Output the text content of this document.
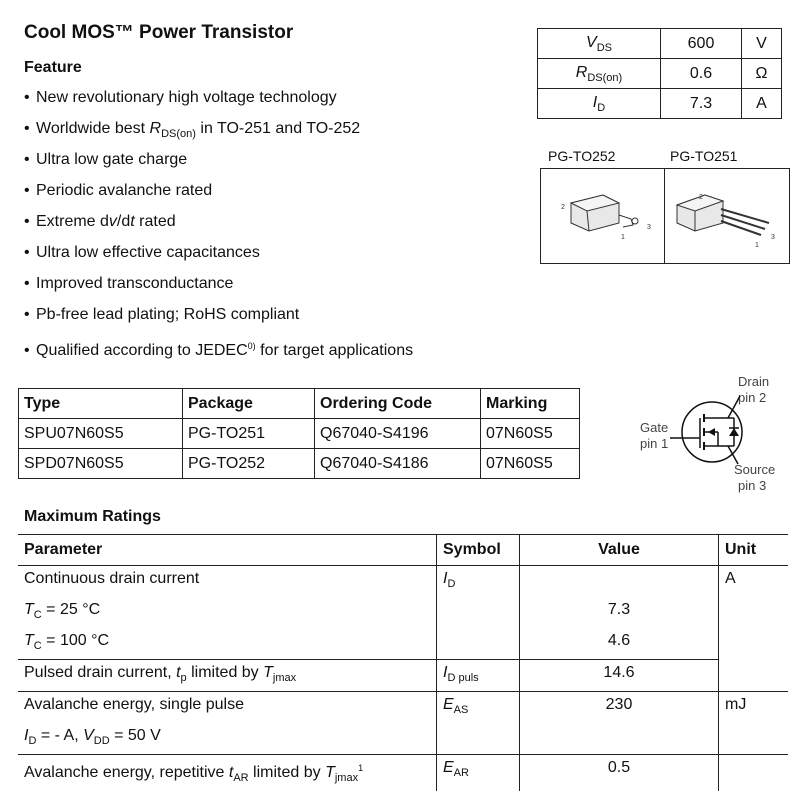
Cool MOS™ Power Transistor
Feature
• New revolutionary high voltage technology
• Worldwide best $R_{DS(on)}$ in TO-251 and TO-252
• Ultra low gate charge
• Periodic avalanche rated
• Extreme dv/dt rated
• Ultra low effective capacitances
• Improved transconductance
• Pb-free lead plating; RoHS compliant
• Qualified according to JEDEC$^{0)}$ for target applications
$V_{DS}$	600	V
$R_{DS(on)}$	0.6	Ω
$I_D$	7.3	A
PG-TO252	PG-TO251
2
1
3
2
1
3
Type	Package	Ordering Code	Marking
SPU07N60S5	PG-TO251	Q67040-S4196	07N60S5
SPD07N60S5	PG-TO252	Q67040-S4186	07N60S5
Drain
pin 2
Gate
pin 1
Source
pin 3
Maximum Ratings
Parameter	Symbol	Value	Unit
Continuous drain current	$I_D$		A
$T_C = 25$ °C		7.3	
$T_C = 100$ °C		4.6	
Pulsed drain current, $t_p$ limited by $T_{jmax}$	$I_{D puls}$	14.6	
Avalanche energy, single pulse	$E_{AS}$	230	mJ
$I_D$ = - A, $V_{DD} = 50$ V			
Avalanche energy, repetitive $t_{AR}$ limited by $T_{jmax}^1$	$E_{AR}$	0.5	
